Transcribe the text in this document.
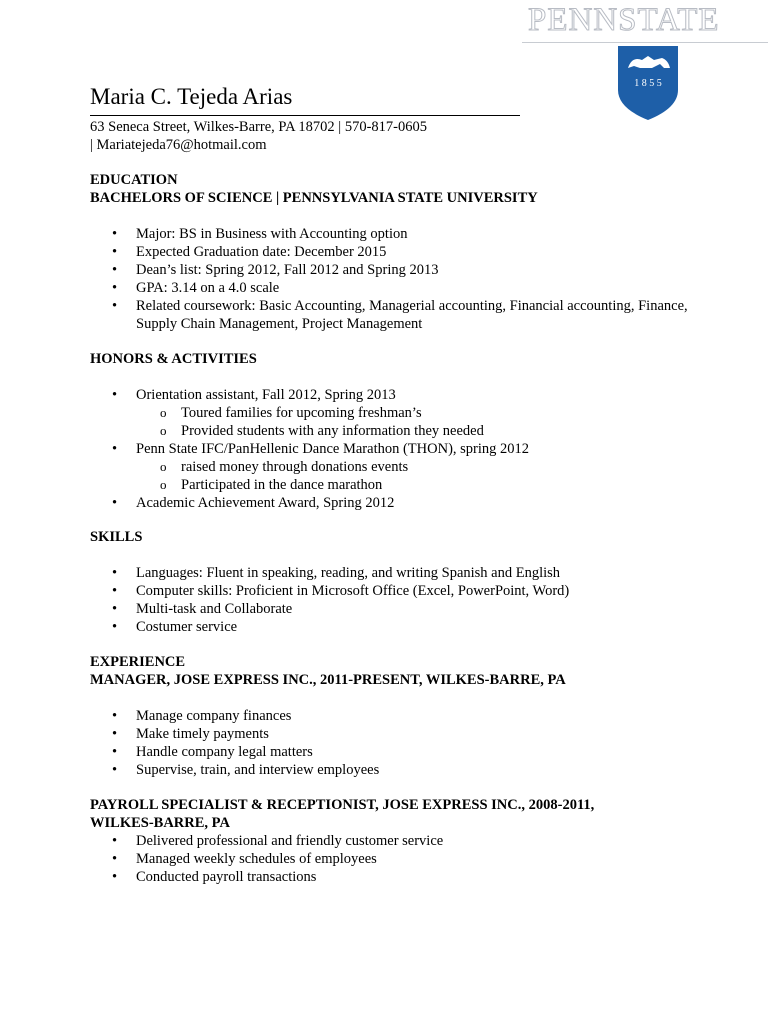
PENNSTATE
1 8 5 5
Maria C. Tejeda Arias
63 Seneca Street, Wilkes-Barre, PA 18702 | 570-817-0605 | Mariatejeda76@hotmail.com
EDUCATION
BACHELORS OF SCIENCE | PENNSYLVANIA STATE UNIVERSITY
• Major: BS in Business with Accounting option
• Expected Graduation date: December 2015
• Dean’s list: Spring 2012, Fall 2012 and Spring 2013
• GPA: 3.14 on a 4.0 scale
• Related coursework: Basic Accounting, Managerial accounting, Financial accounting, Finance, Supply Chain Management, Project Management
HONORS & ACTIVITIES
• Orientation assistant, Fall 2012, Spring 2013
o Toured families for upcoming freshman’s
o Provided students with any information they needed
• Penn State IFC/PanHellenic Dance Marathon (THON), spring 2012
o raised money through donations events
o Participated in the dance marathon
• Academic Achievement Award, Spring 2012
SKILLS
• Languages: Fluent in speaking, reading, and writing Spanish and English
• Computer skills: Proficient in Microsoft Office (Excel, PowerPoint, Word)
• Multi-task and Collaborate
• Costumer service
EXPERIENCE
MANAGER, JOSE EXPRESS INC., 2011-PRESENT, WILKES-BARRE, PA
• Manage company finances
• Make timely payments
• Handle company legal matters
• Supervise, train, and interview employees
PAYROLL SPECIALIST & RECEPTIONIST, JOSE EXPRESS INC., 2008-2011, WILKES-BARRE, PA
• Delivered professional and friendly customer service
• Managed weekly schedules of employees
• Conducted payroll transactions
